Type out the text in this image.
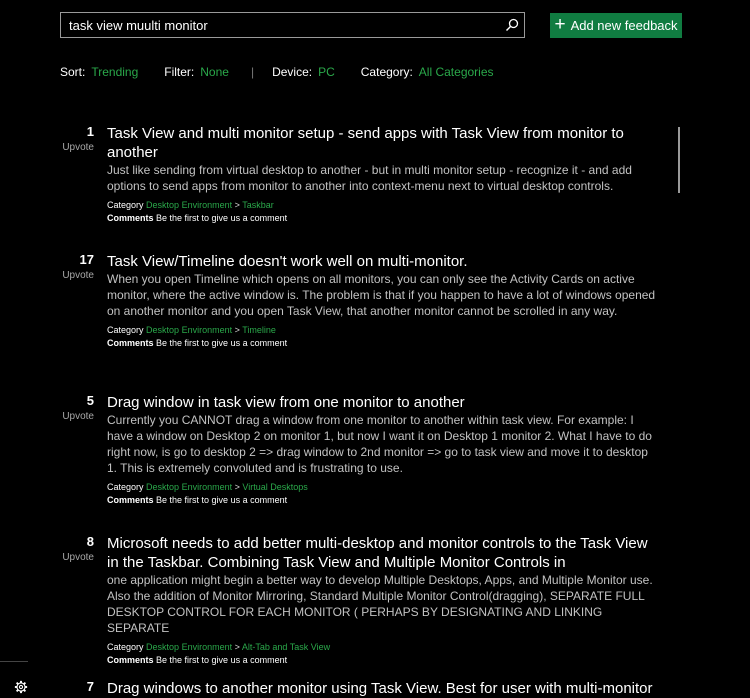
task view muulti monitor
+ Add new feedback
Sort: Trending Filter: None | Device: PC Category: All Categories
1
Upvote

Task View and multi monitor setup - send apps with Task View from monitor to another

Just like sending from virtual desktop to another - but in multi monitor setup - recognize it - and add options to send apps from monitor to another into context-menu next to virtual desktop controls.

Category Desktop Environment > Taskbar
Comments Be the first to give us a comment
17
Upvote

Task View/Timeline doesn't work well on multi-monitor.

When you open Timeline which opens on all monitors, you can only see the Activity Cards on active monitor, where the active window is. The problem is that if you happen to have a lot of windows opened on another monitor and you open Task View, that another monitor cannot be scrolled in any way.

Category Desktop Environment > Timeline
Comments Be the first to give us a comment
5
Upvote

Drag window in task view from one monitor to another

Currently you CANNOT drag a window from one monitor to another within task view. For example: I have a window on Desktop 2 on monitor 1, but now I want it on Desktop 1 monitor 2. What I have to do right now, is go to desktop 2 => drag window to 2nd monitor => go to task view and move it to desktop 1. This is extremely convoluted and is frustrating to use.

Category Desktop Environment > Virtual Desktops
Comments Be the first to give us a comment
8
Upvote

Microsoft needs to add better multi-desktop and monitor controls to the Task View in the Taskbar. Combining Task View and Multiple Monitor Controls in

one application might begin a better way to develop Multiple Desktops, Apps, and Multiple Monitor use. Also the addition of Monitor Mirroring, Standard Multiple Monitor Control(dragging), SEPARATE FULL DESKTOP CONTROL FOR EACH MONITOR ( PERHAPS BY DESIGNATING AND LINKING SEPARATE

Category Desktop Environment > Alt-Tab and Task View
Comments Be the first to give us a comment
7 Drag windows to another monitor using Task View. Best for user with multi-monitor
